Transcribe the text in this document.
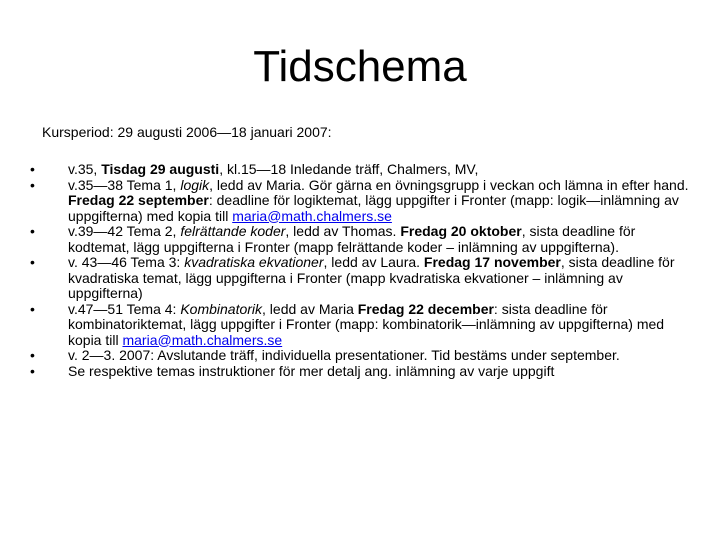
Tidschema
Kursperiod: 29 augusti 2006—18 januari 2007:
• v.35, Tisdag 29 augusti, kl.15—18 Inledande träff, Chalmers, MV,
• v.35—38 Tema 1, logik, ledd av Maria. Gör gärna en övningsgrupp i veckan och lämna in efter hand. Fredag 22 september: deadline för logiktemat, lägg uppgifter i Fronter (mapp: logik—inlämning av uppgifterna) med kopia till maria@math.chalmers.se
• v.39—42 Tema 2, felrättande koder, ledd av Thomas. Fredag 20 oktober, sista deadline för kodtemat, lägg uppgifterna i Fronter (mapp felrättande koder – inlämning av uppgifterna).
• v. 43—46 Tema 3: kvadratiska ekvationer, ledd av Laura. Fredag 17 november, sista deadline för kvadratiska temat, lägg uppgifterna i Fronter (mapp kvadratiska ekvationer – inlämning av uppgifterna)
• v.47—51 Tema 4: Kombinatorik, ledd av Maria Fredag 22 december: sista deadline för kombinatoriktemat, lägg uppgifter i Fronter (mapp: kombinatorik—inlämning av uppgifterna) med kopia till maria@math.chalmers.se
• v. 2—3. 2007: Avslutande träff, individuella presentationer. Tid bestäms under september.
• Se respektive temas instruktioner för mer detalj ang. inlämning av varje uppgift
